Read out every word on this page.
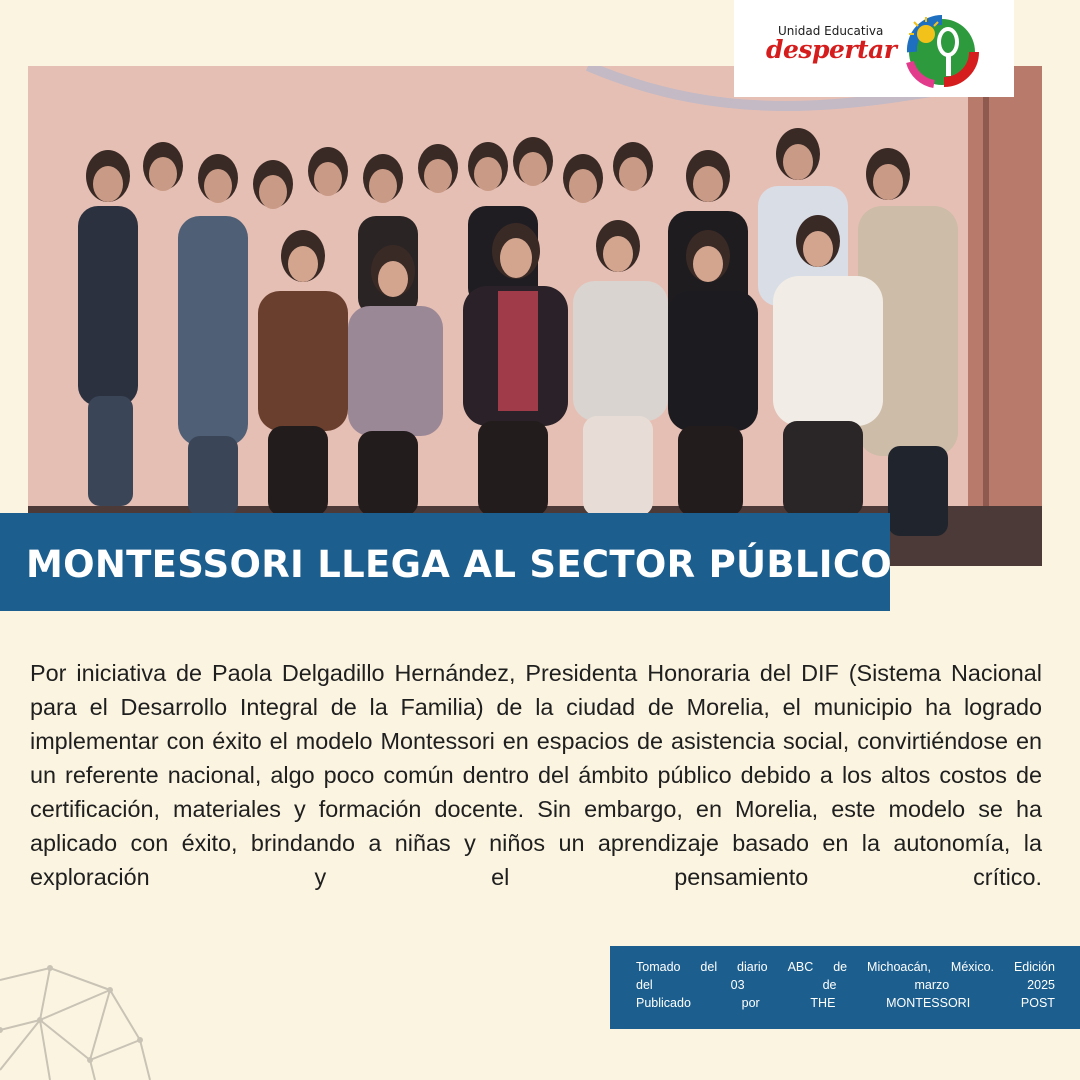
Unidad Educativa
despertar
MONTESSORI LLEGA AL SECTOR PÚBLICO
Por iniciativa de Paola Delgadillo Hernández, Presidenta Honoraria del DIF (Sistema Nacional para el Desarrollo Integral de la Familia) de la ciudad de Morelia, el municipio ha logrado implementar con éxito el modelo Montessori en espacios de asistencia social, convirtiéndose en un referente nacional, algo poco común dentro del ámbito público debido a los altos costos de certificación, materiales y formación docente. Sin embargo, en Morelia, este modelo se ha aplicado con éxito, brindando a niñas y niños un aprendizaje basado en la autonomía, la exploración y el pensamiento crítico.
Tomado del diario ABC de Michoacán, México. Edición
del	03	de	marzo	2025
Publicado	por	THE	MONTESSORI	POST
